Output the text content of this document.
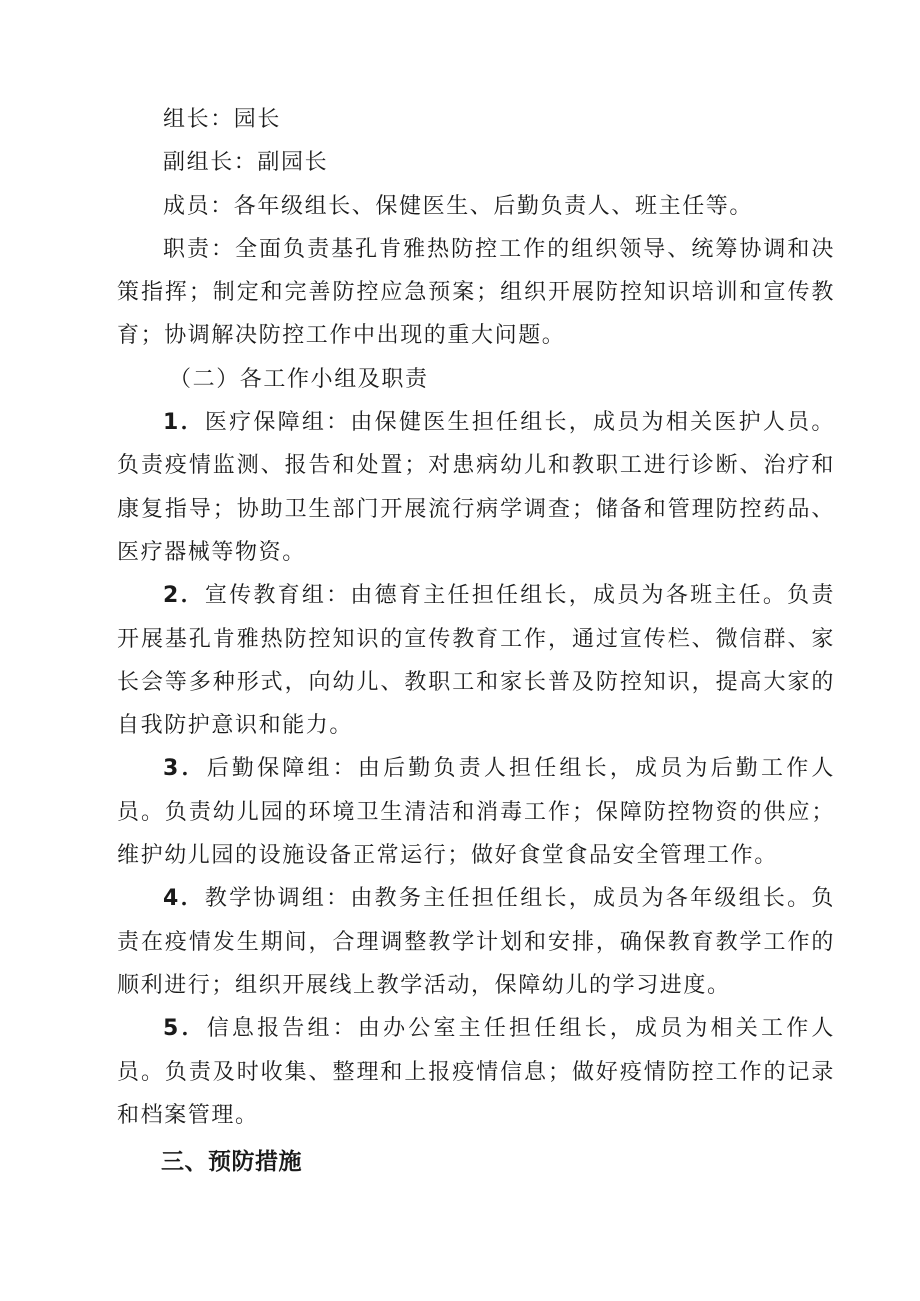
组长：园长

副组长：副园长

成员：各年级组长、保健医生、后勤负责人、班主任等。

职责：全面负责基孔肯雅热防控工作的组织领导、统筹协调和决策指挥；制定和完善防控应急预案；组织开展防控知识培训和宣传教育；协调解决防控工作中出现的重大问题。

（二）各工作小组及职责

1．医疗保障组：由保健医生担任组长，成员为相关医护人员。负责疫情监测、报告和处置；对患病幼儿和教职工进行诊断、治疗和康复指导；协助卫生部门开展流行病学调查；储备和管理防控药品、医疗器械等物资。

2．宣传教育组：由德育主任担任组长，成员为各班主任。负责开展基孔肯雅热防控知识的宣传教育工作，通过宣传栏、微信群、家长会等多种形式，向幼儿、教职工和家长普及防控知识，提高大家的自我防护意识和能力。

3．后勤保障组：由后勤负责人担任组长，成员为后勤工作人员。负责幼儿园的环境卫生清洁和消毒工作；保障防控物资的供应；维护幼儿园的设施设备正常运行；做好食堂食品安全管理工作。

4．教学协调组：由教务主任担任组长，成员为各年级组长。负责在疫情发生期间，合理调整教学计划和安排，确保教育教学工作的顺利进行；组织开展线上教学活动，保障幼儿的学习进度。

5．信息报告组：由办公室主任担任组长，成员为相关工作人员。负责及时收集、整理和上报疫情信息；做好疫情防控工作的记录和档案管理。

三、预防措施
